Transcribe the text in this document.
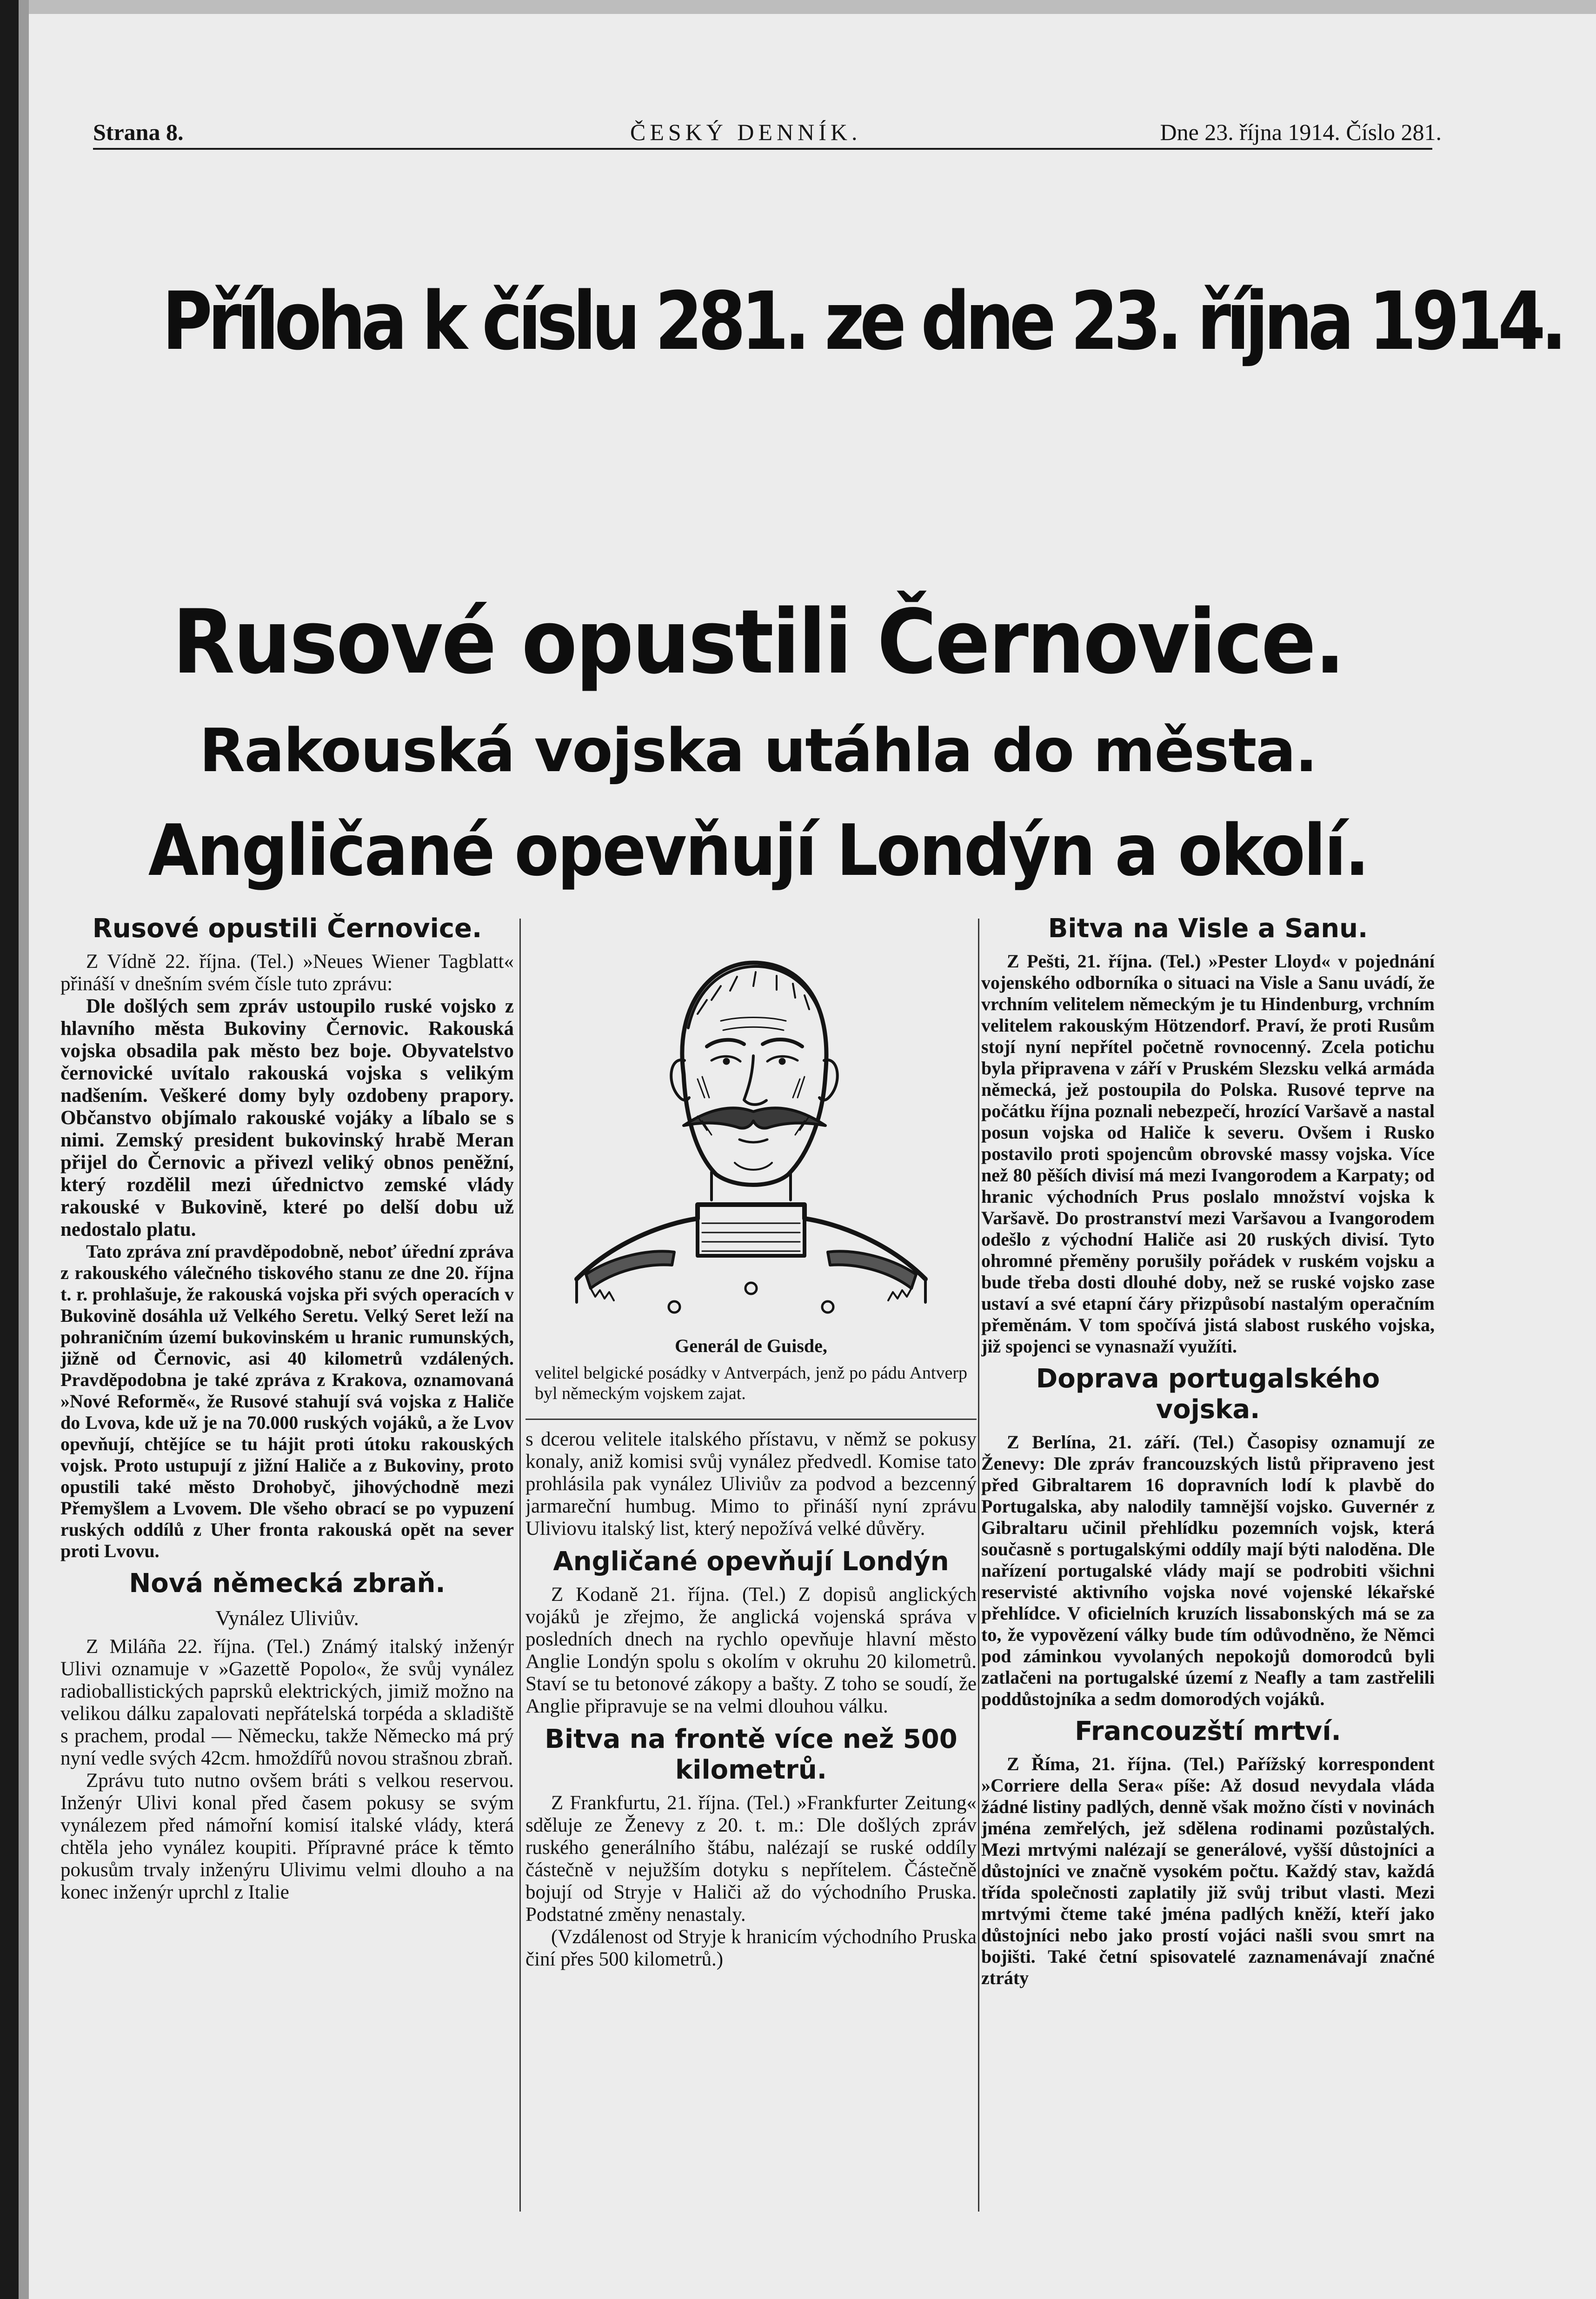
Strana 8.	ČESKÝ DENNÍK.	Dne 23. října 1914. Číslo 281.
Příloha k číslu 281. ze dne 23. října 1914.
Rusové opustili Černovice.
Rakouská vojska utáhla do města.
Angličané opevňují Londýn a okolí.
Rusové opustili Černovice.

Z Vídně 22. října. (Tel.) »Neues Wiener Tagblatt« přináší v dnešním svém čísle tuto zprávu:

Dle došlých sem zpráv ustoupilo ruské vojsko z hlavního města Bukoviny Černovic. Rakouská vojska obsadila pak město bez boje. Obyvatelstvo černovické uvítalo rakouská vojska s velikým nadšením. Veškeré domy byly ozdobeny prapory. Občanstvo objímalo rakouské vojáky a líbalo se s nimi. Zemský president bukovinský hrabě Meran přijel do Černovic a přivezl veliký obnos peněžní, který rozdělil mezi úřednictvo zemské vlády rakouské v Bukovině, které po delší dobu už nedostalo platu.

Tato zpráva zní pravděpodobně, neboť úřední zpráva z rakouského válečného tiskového stanu ze dne 20. října t. r. prohlašuje, že rakouská vojska při svých operacích v Bukovině dosáhla už Velkého Seretu. Velký Seret leží na pohraničním území bukovinském u hranic rumunských, jižně od Černovic, asi 40 kilometrů vzdálených. Pravděpodobna je také zpráva z Krakova, oznamovaná »Nové Reformě«, že Rusové stahují svá vojska z Haliče do Lvova, kde už je na 70.000 ruských vojáků, a že Lvov opevňují, chtějíce se tu hájit proti útoku rakouských vojsk. Proto ustupují z jižní Haliče a z Bukoviny, proto opustili také město Drohobyč, jihovýchodně mezi Přemyšlem a Lvovem. Dle všeho obrací se po vypuzení ruských oddílů z Uher fronta rakouská opět na sever proti Lvovu.

Nová německá zbraň.
Vynález Uliviův.

Z Miláña 22. října. (Tel.) Známý italský inženýr Ulivi oznamuje v »Gazettě Popolo«, že svůj vynález radioballistických paprsků elektrických, jimiž možno na velikou dálku zapalovati nepřátelská torpéda a skladiště s prachem, prodal — Německu, takže Německo má prý nyní vedle svých 42cm. hmoždířů novou strašnou zbraň.

Zprávu tuto nutno ovšem bráti s velkou reservou. Inženýr Ulivi konal před časem pokusy se svým vynálezem před námořní komisí italské vlády, která chtěla jeho vynález koupiti. Přípravné práce k těmto pokusům trvaly inženýru Ulivimu velmi dlouho a na konec inženýr uprchl z Italie

Generál de Guisde,
velitel belgické posádky v Antverpách, jenž po pádu Antverp byl německým vojskem zajat.

s dcerou velitele italského přístavu, v němž se pokusy konaly, aniž komisi svůj vynález předvedl. Komise tato prohlásila pak vynález Uliviův za podvod a bezcenný jarmareční humbug. Mimo to přináší nyní zprávu Uliviovu italský list, který nepožívá velké důvěry.

Angličané opevňují Londýn

Z Kodaně 21. října. (Tel.) Z dopisů anglických vojáků je zřejmo, že anglická vojenská správa v posledních dnech na rychlo opevňuje hlavní město Anglie Londýn spolu s okolím v okruhu 20 kilometrů. Staví se tu betonové zákopy a bašty. Z toho se soudí, že Anglie připravuje se na velmi dlouhou válku.

Bitva na frontě více než 500 kilometrů.

Z Frankfurtu, 21. října. (Tel.) »Frankfurter Zeitung« sděluje ze Ženevy z 20. t. m.: Dle došlých zpráv ruského generálního štábu, nalézají se ruské oddíly částečně v nejužším dotyku s nepřítelem. Částečně bojují od Stryje v Haliči až do východního Pruska. Podstatné změny nenastaly.

(Vzdálenost od Stryje k hranicím východního Pruska činí přes 500 kilometrů.)

Bitva na Visle a Sanu.

Z Pešti, 21. října. (Tel.) »Pester Lloyd« v pojednání vojenského odborníka o situaci na Visle a Sanu uvádí, že vrchním velitelem německým je tu Hindenburg, vrchním velitelem rakouským Hötzendorf. Praví, že proti Rusům stojí nyní nepřítel početně rovnocenný. Zcela potichu byla připravena v září v Pruském Slezsku velká armáda německá, jež postoupila do Polska. Rusové teprve na počátku října poznali nebezpečí, hrozící Varšavě a nastal posun vojska od Haliče k severu. Ovšem i Rusko postavilo proti spojencům obrovské massy vojska. Více než 80 pěších divisí má mezi Ivangorodem a Karpaty; od hranic východních Prus poslalo množství vojska k Varšavě. Do prostranství mezi Varšavou a Ivangorodem odešlo z východní Haliče asi 20 ruských divisí. Tyto ohromné přeměny porušily pořádek v ruském vojsku a bude třeba dosti dlouhé doby, než se ruské vojsko zase ustaví a své etapní čáry přizpůsobí nastalým operačním přeměnám. V tom spočívá jistá slabost ruského vojska, již spojenci se vynasnaží využíti.

Doprava portugalského vojska.

Z Berlína, 21. září. (Tel.) Časopisy oznamují ze Ženevy: Dle zpráv francouzských listů připraveno jest před Gibraltarem 16 dopravních lodí k plavbě do Portugalska, aby nalodily tamnější vojsko. Guvernér z Gibraltaru učinil přehlídku pozemních vojsk, která současně s portugalskými oddíly mají býti naloděna. Dle nařízení portugalské vlády mají se podrobiti všichni reservisté aktivního vojska nové vojenské lékařské přehlídce. V oficielních kruzích lissabonských má se za to, že vypovězení války bude tím odůvodněno, že Němci pod záminkou vyvolaných nepokojů domorodců byli zatlačeni na portugalské území z Neafly a tam zastřelili poddůstojníka a sedm domorodých vojáků.

Francouzští mrtví.

Z Říma, 21. října. (Tel.) Pařížský korrespondent »Corriere della Sera« píše: Až dosud nevydala vláda žádné listiny padlých, denně však možno čísti v novinách jména zemřelých, jež sdělena rodinami pozůstalých. Mezi mrtvými nalézají se generálové, vyšší důstojníci a důstojníci ve značně vysokém počtu. Každý stav, každá třída společnosti zaplatily již svůj tribut vlasti. Mezi mrtvými čteme také jména padlých kněží, kteří jako důstojníci nebo jako prostí vojáci našli svou smrt na bojišti. Také četní spisovatelé zaznamenávají značné ztráty
